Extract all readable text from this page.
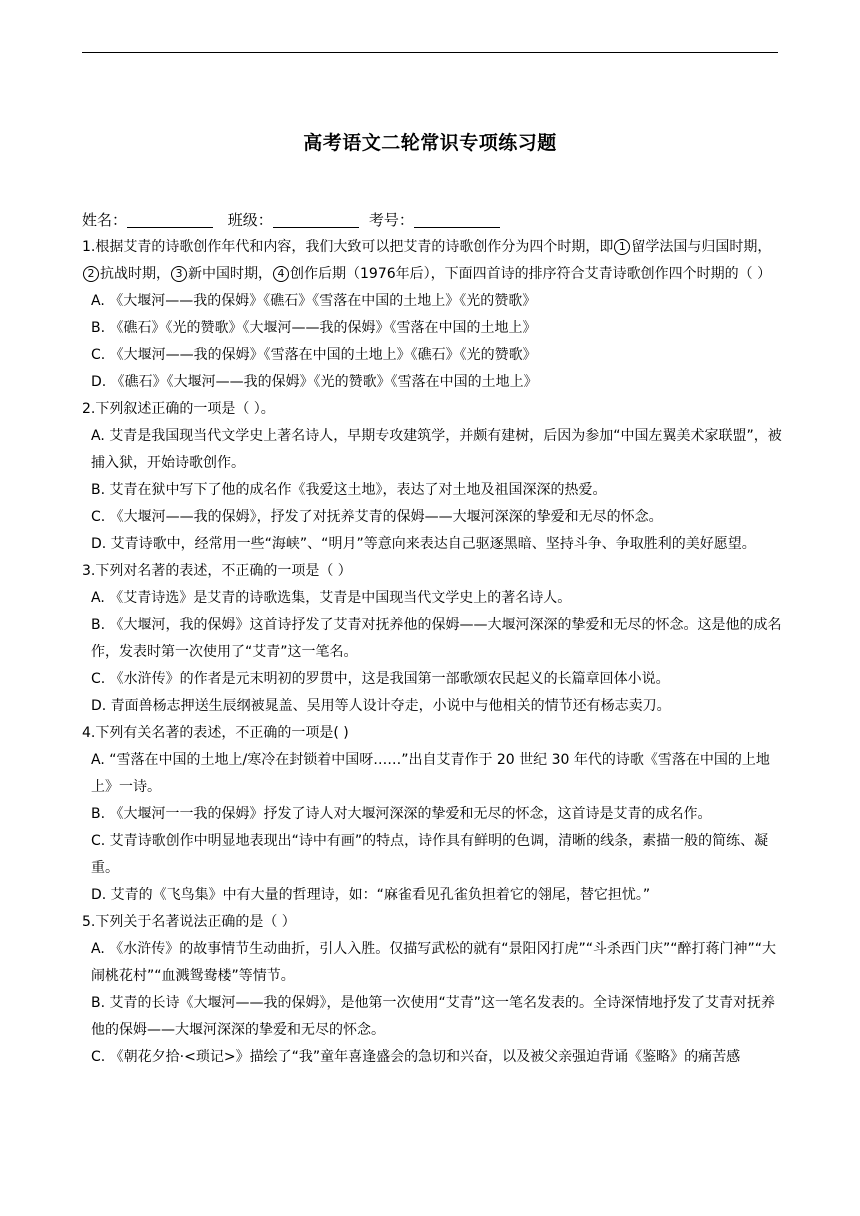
高考语文二轮常识专项练习题
姓名：	班级：	考号：
1.根据艾青的诗歌创作年代和内容，我们大致可以把艾青的诗歌创作分为四个时期，即 1 留学法国与归国时期，2 抗战时期， 3 新中国时期， 4 创作后期（1976年后），下面四首诗的排序符合艾青诗歌创作四个时期的（ ）
A. 《大堰河——我的保姆》《礁石》《雪落在中国的土地上》《光的赞歌》
B. 《礁石》《光的赞歌》《大堰河——我的保姆》《雪落在中国的土地上》
C. 《大堰河——我的保姆》《雪落在中国的土地上》《礁石》《光的赞歌》
D. 《礁石》《大堰河——我的保姆》《光的赞歌》《雪落在中国的土地上》
2.下列叙述正确的一项是（ ）。
A. 艾青是我国现当代文学史上著名诗人，早期专攻建筑学，并颇有建树，后因为参加“中国左翼美术家联盟”，被捕入狱，开始诗歌创作。
B. 艾青在狱中写下了他的成名作《我爱这土地》，表达了对土地及祖国深深的热爱。
C. 《大堰河——我的保姆》，抒发了对抚养艾青的保姆——大堰河深深的挚爱和无尽的怀念。
D. 艾青诗歌中，经常用一些“海峡”、“明月”等意向来表达自己驱逐黑暗、坚持斗争、争取胜利的美好愿望。
3.下列对名著的表述，不正确的一项是（ ）
A. 《艾青诗选》是艾青的诗歌选集，艾青是中国现当代文学史上的著名诗人。
B. 《大堰河，我的保姆》这首诗抒发了艾青对抚养他的保姆——大堰河深深的挚爱和无尽的怀念。这是他的成名作，发表时第一次使用了“艾青”这一笔名。
C. 《水浒传》的作者是元末明初的罗贯中，这是我国第一部歌颂农民起义的长篇章回体小说。
D. 青面兽杨志押送生辰纲被晁盖、吴用等人设计夺走，小说中与他相关的情节还有杨志卖刀。
4.下列有关名著的表述，不正确的一项是( )
A. “雪落在中国的土地上/寒冷在封锁着中国呀……”出自艾青作于 20 世纪 30 年代的诗歌《雪落在中国的上地上》一诗。
B. 《大堰河一一我的保姆》抒发了诗人对大堰河深深的挚爱和无尽的怀念，这首诗是艾青的成名作。
C. 艾青诗歌创作中明显地表现出“诗中有画”的特点，诗作具有鲜明的色调，清晰的线条，素描一般的简练、凝重。
D. 艾青的《飞鸟集》中有大量的哲理诗，如：“麻雀看见孔雀负担着它的翎尾，替它担忧。”
5.下列关于名著说法正确的是（ ）
A. 《水浒传》的故事情节生动曲折，引人入胜。仅描写武松的就有“景阳冈打虎”“斗杀西门庆”“醉打蒋门神”“大闹桃花村”“血溅鸳鸯楼”等情节。
B. 艾青的长诗《大堰河——我的保姆》，是他第一次使用“艾青”这一笔名发表的。全诗深情地抒发了艾青对抚养他的保姆——大堰河深深的挚爱和无尽的怀念。
C. 《朝花夕拾·<琐记>》描绘了“我”童年喜逢盛会的急切和兴奋，以及被父亲强迫背诵《鉴略》的痛苦感
